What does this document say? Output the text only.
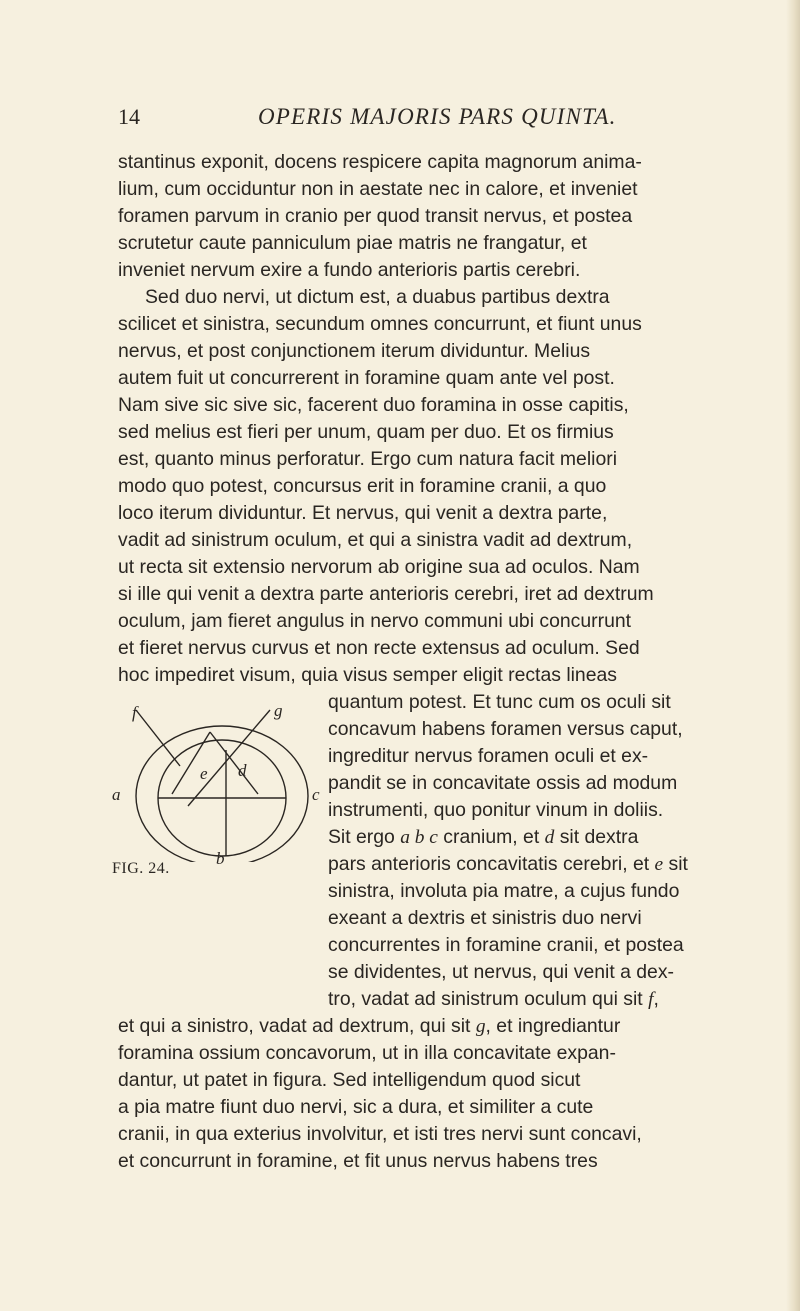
14	OPERIS MAJORIS PARS QUINTA.
stantinus exponit, docens respicere capita magnorum anima-
lium, cum occiduntur non in aestate nec in calore, et inveniet
foramen parvum in cranio per quod transit nervus, et postea
scrutetur caute panniculum piae matris ne frangatur, et
inveniet nervum exire a fundo anterioris partis cerebri.
Sed duo nervi, ut dictum est, a duabus partibus dextra
scilicet et sinistra, secundum omnes concurrunt, et fiunt unus
nervus, et post conjunctionem iterum dividuntur. Melius
autem fuit ut concurrerent in foramine quam ante vel post.
Nam sive sic sive sic, facerent duo foramina in osse capitis,
sed melius est fieri per unum, quam per duo. Et os firmius
est, quanto minus perforatur. Ergo cum natura facit meliori
modo quo potest, concursus erit in foramine cranii, a quo
loco iterum dividuntur. Et nervus, qui venit a dextra parte,
vadit ad sinistrum oculum, et qui a sinistra vadit ad dextrum,
ut recta sit extensio nervorum ab origine sua ad oculos. Nam
si ille qui venit a dextra parte anterioris cerebri, iret ad dextrum
oculum, jam fieret angulus in nervo communi ubi concurrunt
et fieret nervus curvus et non recte extensus ad oculum. Sed
hoc impediret visum, quia visus semper eligit rectas lineas
quantum potest. Et tunc cum os oculi sit
concavum habens foramen versus caput,
ingreditur nervus foramen oculi et ex-
pandit se in concavitate ossis ad modum
instrumenti, quo ponitur vinum in doliis.
Sit ergo a b c cranium, et d sit dextra
pars anterioris concavitatis cerebri, et e sit
sinistra, involuta pia matre, a cujus fundo
exeant a dextris et sinistris duo nervi
concurrentes in foramine cranii, et postea
se dividentes, ut nervus, qui venit a dex-
tro, vadat ad sinistrum oculum qui sit f,
et qui a sinistro, vadat ad dextrum, qui sit g, et ingrediantur
foramina ossium concavorum, ut in illa concavitate expan-
dantur, ut patet in figura. Sed intelligendum quod sicut
a pia matre fiunt duo nervi, sic a dura, et similiter a cute
cranii, in qua exterius involvitur, et isti tres nervi sunt concavi,
et concurrunt in foramine, et fit unus nervus habens tres
f	g
a	c
e d
b
FIG. 24.
